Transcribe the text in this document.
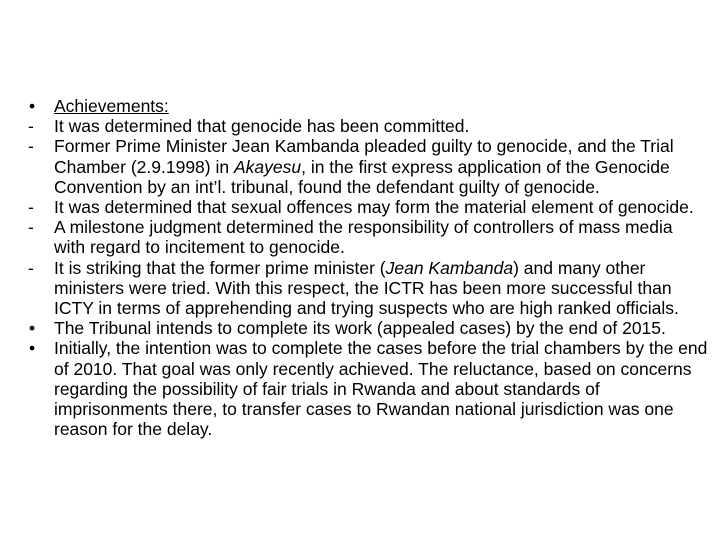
•	Achievements:
-	It was determined that genocide has been committed.
-	Former Prime Minister Jean Kambanda pleaded guilty to genocide, and the Trial Chamber (2.9.1998) in Akayesu, in the first express application of the Genocide Convention by an int’l. tribunal, found the defendant guilty of genocide.
-	It was determined that sexual offences may form the material element of genocide.
-	A milestone judgment determined the responsibility of controllers of mass media with regard to incitement to genocide.
-	It is striking that the former prime minister (Jean Kambanda) and many other ministers were tried. With this respect, the ICTR has been more successful than ICTY in terms of apprehending and trying suspects who are high ranked officials.
•	The Tribunal intends to complete its work (appealed cases) by the end of 2015.
•	Initially, the intention was to complete the cases before the trial chambers by the end of 2010. That goal was only recently achieved. The reluctance, based on concerns regarding the possibility of fair trials in Rwanda and about standards of imprisonments there, to transfer cases to Rwandan national jurisdiction was one reason for the delay.
